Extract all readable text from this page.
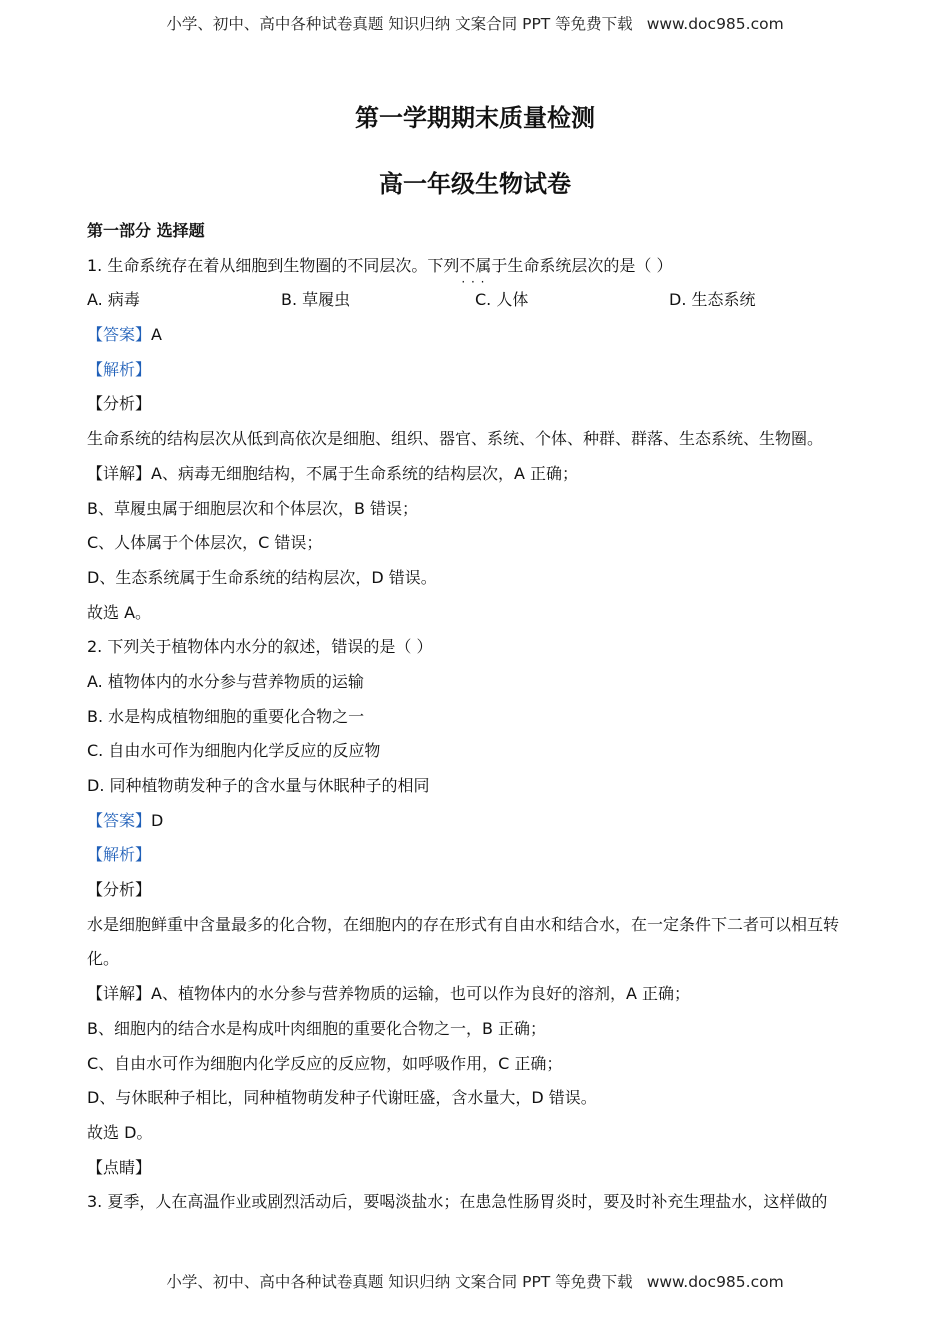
小学、初中、高中各种试卷真题 知识归纳 文案合同 PPT 等免费下载 www.doc985.com
第一学期期末质量检测
高一年级生物试卷
第一部分 选择题
1. 生命系统存在着从细胞到生物圈的不同层次。下列不属于 · · ·生命系统层次的是（ ）
A. 病毒	B. 草履虫	C. 人体	D. 生态系统
【答案】A
【解析】
【分析】
生命系统的结构层次从低到高依次是细胞、组织、器官、系统、个体、种群、群落、生态系统、生物圈。
【详解】A、病毒无细胞结构，不属于生命系统的结构层次，A 正确；
B、草履虫属于细胞层次和个体层次，B 错误；
C、人体属于个体层次，C 错误；
D、生态系统属于生命系统的结构层次，D 错误。
故选 A。
2. 下列关于植物体内水分的叙述，错误的是（ ）
A. 植物体内的水分参与营养物质的运输
B. 水是构成植物细胞的重要化合物之一
C. 自由水可作为细胞内化学反应的反应物
D. 同种植物萌发种子的含水量与休眠种子的相同
【答案】D
【解析】
【分析】
水是细胞鲜重中含量最多的化合物，在细胞内的存在形式有自由水和结合水，在一定条件下二者可以相互转化。
【详解】A、植物体内的水分参与营养物质的运输，也可以作为良好的溶剂，A 正确；
B、细胞内的结合水是构成叶肉细胞的重要化合物之一，B 正确；
C、自由水可作为细胞内化学反应的反应物，如呼吸作用，C 正确；
D、与休眠种子相比，同种植物萌发种子代谢旺盛，含水量大，D 错误。
故选 D。
【点睛】
3. 夏季，人在高温作业或剧烈活动后，要喝淡盐水；在患急性肠胃炎时，要及时补充生理盐水，这样做的
小学、初中、高中各种试卷真题 知识归纳 文案合同 PPT 等免费下载 www.doc985.com
